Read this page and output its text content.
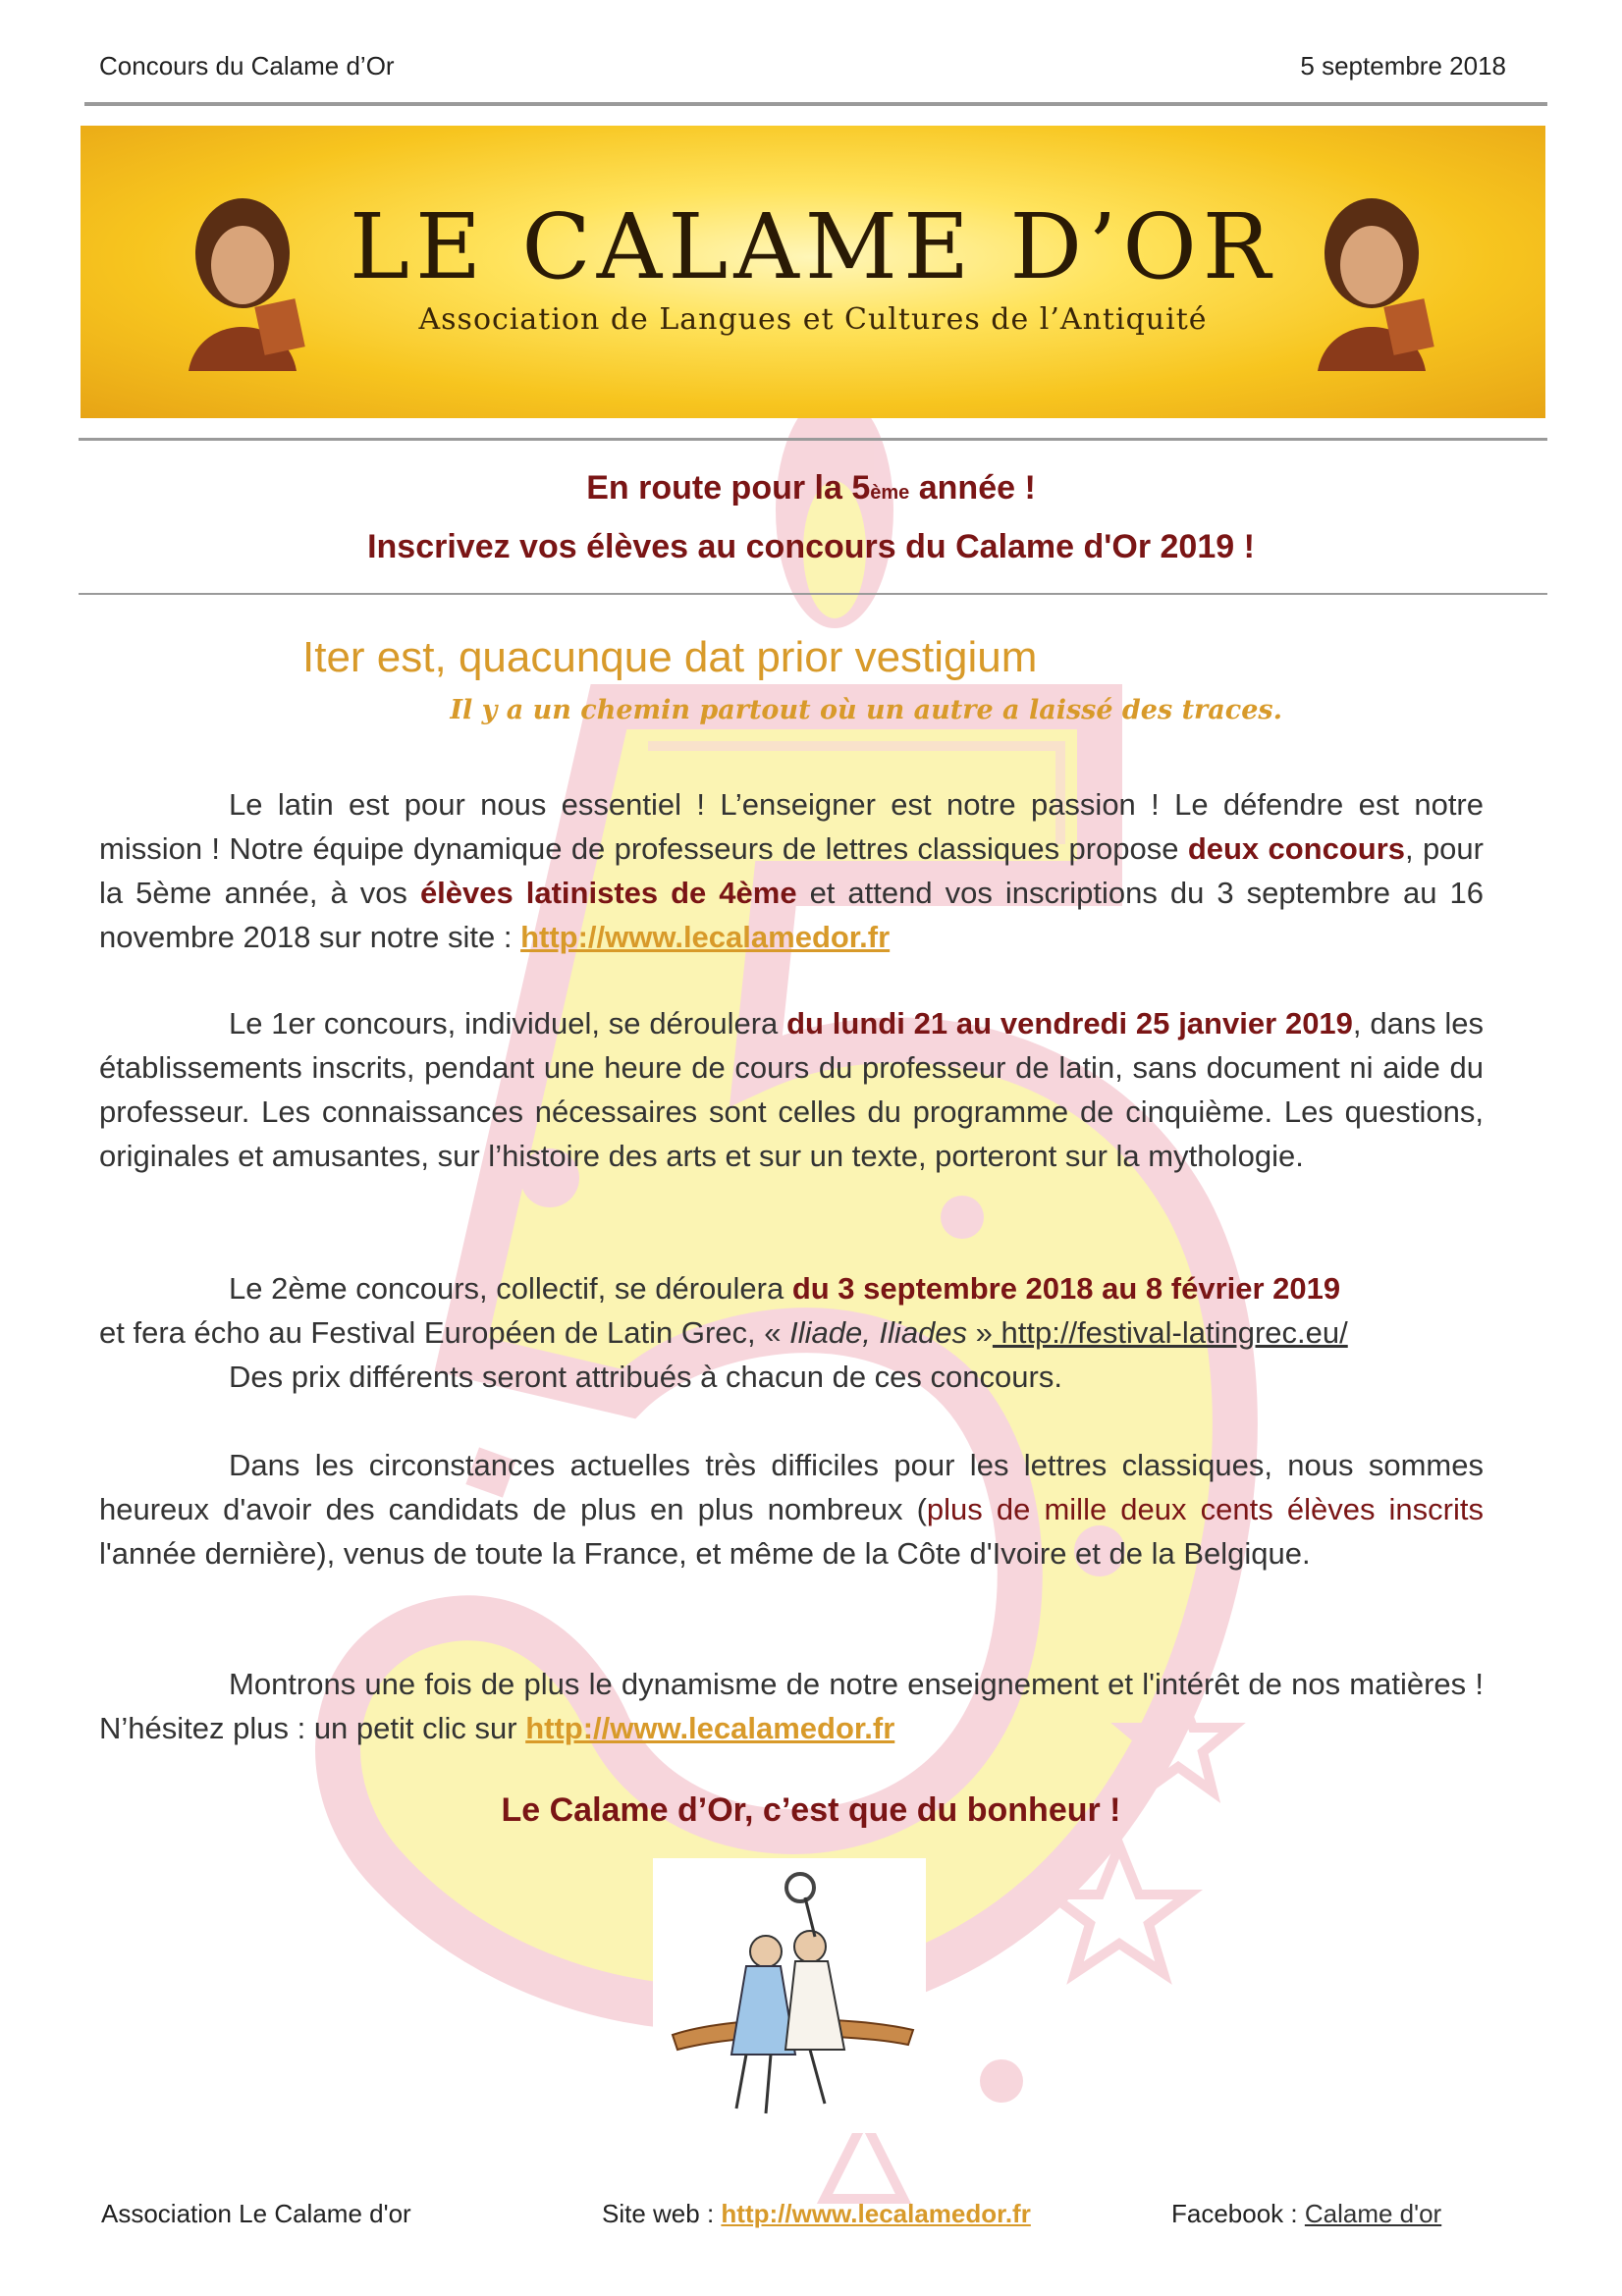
Concours du Calame d’Or	5 septembre 2018
LE CALAME D’OR
Association de Langues et Cultures de l’Antiquité
En route pour la 5ème année !
Inscrivez vos élèves au concours du Calame d'Or 2019 !
Iter est, quacunque dat prior vestigium
Il y a un chemin partout où un autre a laissé des traces.
Le latin est pour nous essentiel ! L’enseigner est notre passion ! Le défendre est notre mission ! Notre équipe dynamique de professeurs de lettres classiques propose deux concours, pour la 5ème année, à vos élèves latinistes de 4ème et attend vos inscriptions du 3 septembre au 16 novembre 2018 sur notre site : http://www.lecalamedor.fr
Le 1er concours, individuel, se déroulera du lundi 21 au vendredi 25 janvier 2019, dans les établissements inscrits, pendant une heure de cours du professeur de latin, sans document ni aide du professeur. Les connaissances nécessaires sont celles du programme de cinquième. Les questions, originales et amusantes, sur l’histoire des arts et sur un texte, porteront sur la mythologie.
Le 2ème concours, collectif, se déroulera du 3 septembre 2018 au 8 février 2019
et fera écho au Festival Européen de Latin Grec, « Iliade, Iliades » http://festival-latingrec.eu/
Des prix différents seront attribués à chacun de ces concours.
Dans les circonstances actuelles très difficiles pour les lettres classiques, nous sommes heureux d'avoir des candidats de plus en plus nombreux (plus de mille deux cents élèves inscrits l'année dernière), venus de toute la France, et même de la Côte d'Ivoire et de la Belgique.
Montrons une fois de plus le dynamisme de notre enseignement et l'intérêt de nos matières ! N’hésitez plus : un petit clic sur http://www.lecalamedor.fr
Le Calame d’Or, c’est que du bonheur !
Association Le Calame d'or	Site web : http://www.lecalamedor.fr	Facebook : Calame d'or
